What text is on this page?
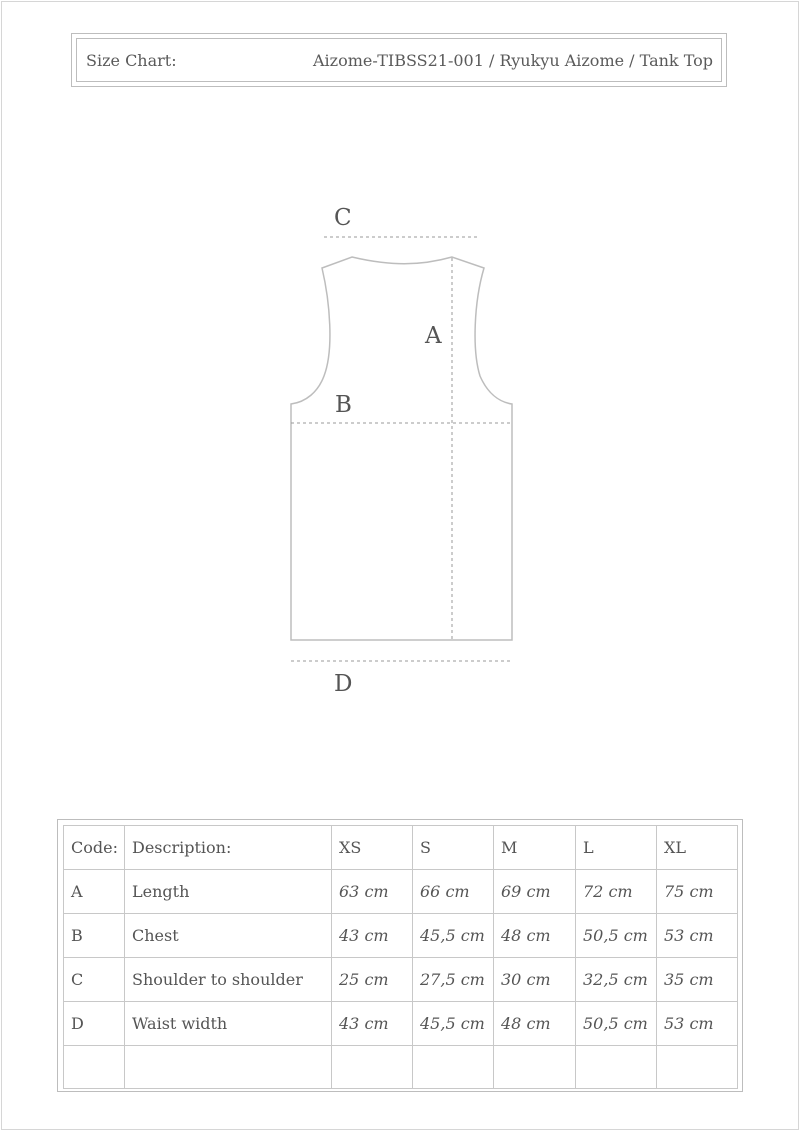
Size Chart:	Aizome-TIBSS21-001 / Ryukyu Aizome / Tank Top
C
A
B
D
Code:	Description:	XS	S	M	L	XL
A	Length	63 cm	66 cm	69 cm	72 cm	75 cm
B	Chest	43 cm	45,5 cm	48 cm	50,5 cm	53 cm
C	Shoulder to shoulder	25 cm	27,5 cm	30 cm	32,5 cm	35 cm
D	Waist width	43 cm	45,5 cm	48 cm	50,5 cm	53 cm
